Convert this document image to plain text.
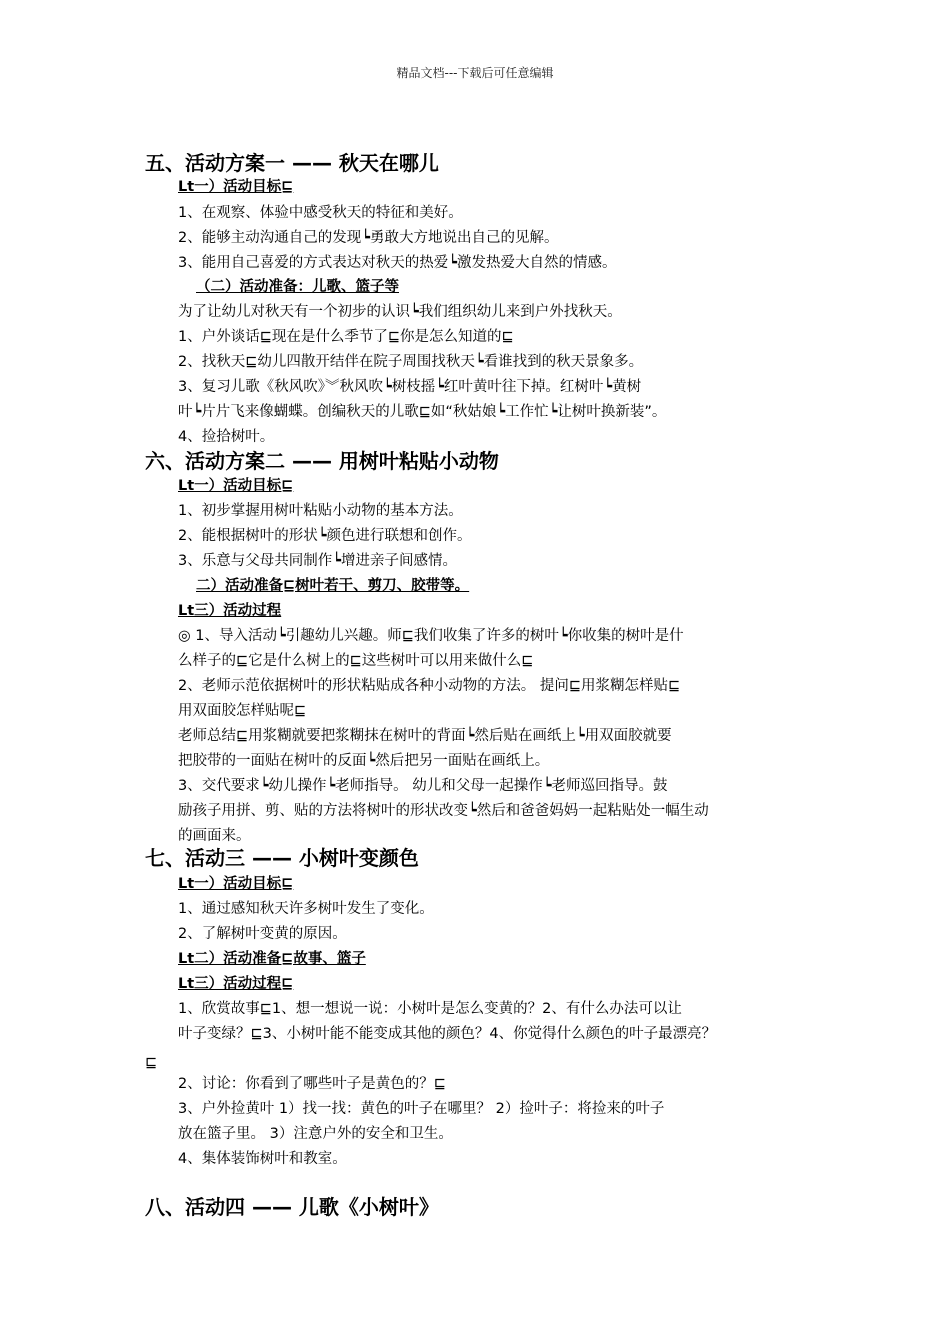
精品文档---下载后可任意编辑
五、活动方案一 —— 秋天在哪儿
Lt一）活动目标⊑
1、在观察、体验中感受秋天的特征和美好。
2、能够主动沟通自己的发现┕勇敢大方地说出自己的见解。
3、能用自己喜爱的方式表达对秋天的热爱┕激发热爱大自然的情感。
（二）活动准备：儿歌、篮子等
为了让幼儿对秋天有一个初步的认识┕我们组织幼儿来到户外找秋天。
1、户外谈话⊑现在是什么季节了⊑你是怎么知道的⊑
2、找秋天⊑幼儿四散开结伴在院子周围找秋天┕看谁找到的秋天景象多。
3、复习儿歌《秋风吹》︾秋风吹┕树枝摇┕红叶黄叶往下掉。红树叶┕黄树
叶┕片片飞来像蝴蝶。创编秋天的儿歌⊑如“秋姑娘┕工作忙┕让树叶换新装”。
4、捡拾树叶。
六、活动方案二 —— 用树叶粘贴小动物
Lt一）活动目标⊑
1、初步掌握用树叶粘贴小动物的基本方法。
2、能根据树叶的形状┕颜色进行联想和创作。
3、乐意与父母共同制作┕增进亲子间感情。
二）活动准备⊑树叶若干、剪刀、胶带等。
Lt三）活动过程
◎ 1、导入活动┕引趣幼儿兴趣。师⊑我们收集了许多的树叶┕你收集的树叶是什
么样子的⊑它是什么树上的⊑这些树叶可以用来做什么⊑
2、老师示范依据树叶的形状粘贴成各种小动物的方法。 提问⊑用浆糊怎样贴⊑
用双面胶怎样贴呢⊑
老师总结⊑用浆糊就要把浆糊抹在树叶的背面┕然后贴在画纸上┕用双面胶就要
把胶带的一面贴在树叶的反面┕然后把另一面贴在画纸上。
3、交代要求┕幼儿操作┕老师指导。 幼儿和父母一起操作┕老师巡回指导。鼓
励孩子用拼、剪、贴的方法将树叶的形状改变┕然后和爸爸妈妈一起粘贴处一幅生动
的画面来。
七、活动三 —— 小树叶变颜色
Lt一）活动目标⊑
1、通过感知秋天许多树叶发生了变化。
2、了解树叶变黄的原因。
Lt二）活动准备⊑故事、篮子
Lt三）活动过程⊑
1、欣赏故事⊑1、想一想说一说：小树叶是怎么变黄的？2、有什么办法可以让
叶子变绿？⊑3、小树叶能不能变成其他的颜色？4、你觉得什么颜色的叶子最漂亮？
⊑
2、讨论：你看到了哪些叶子是黄色的？⊑
3、户外捡黄叶 1）找一找：黄色的叶子在哪里？ 2）捡叶子：将捡来的叶子
放在篮子里。 3）注意户外的安全和卫生。
4、集体装饰树叶和教室。
八、活动四 —— 儿歌《小树叶》
